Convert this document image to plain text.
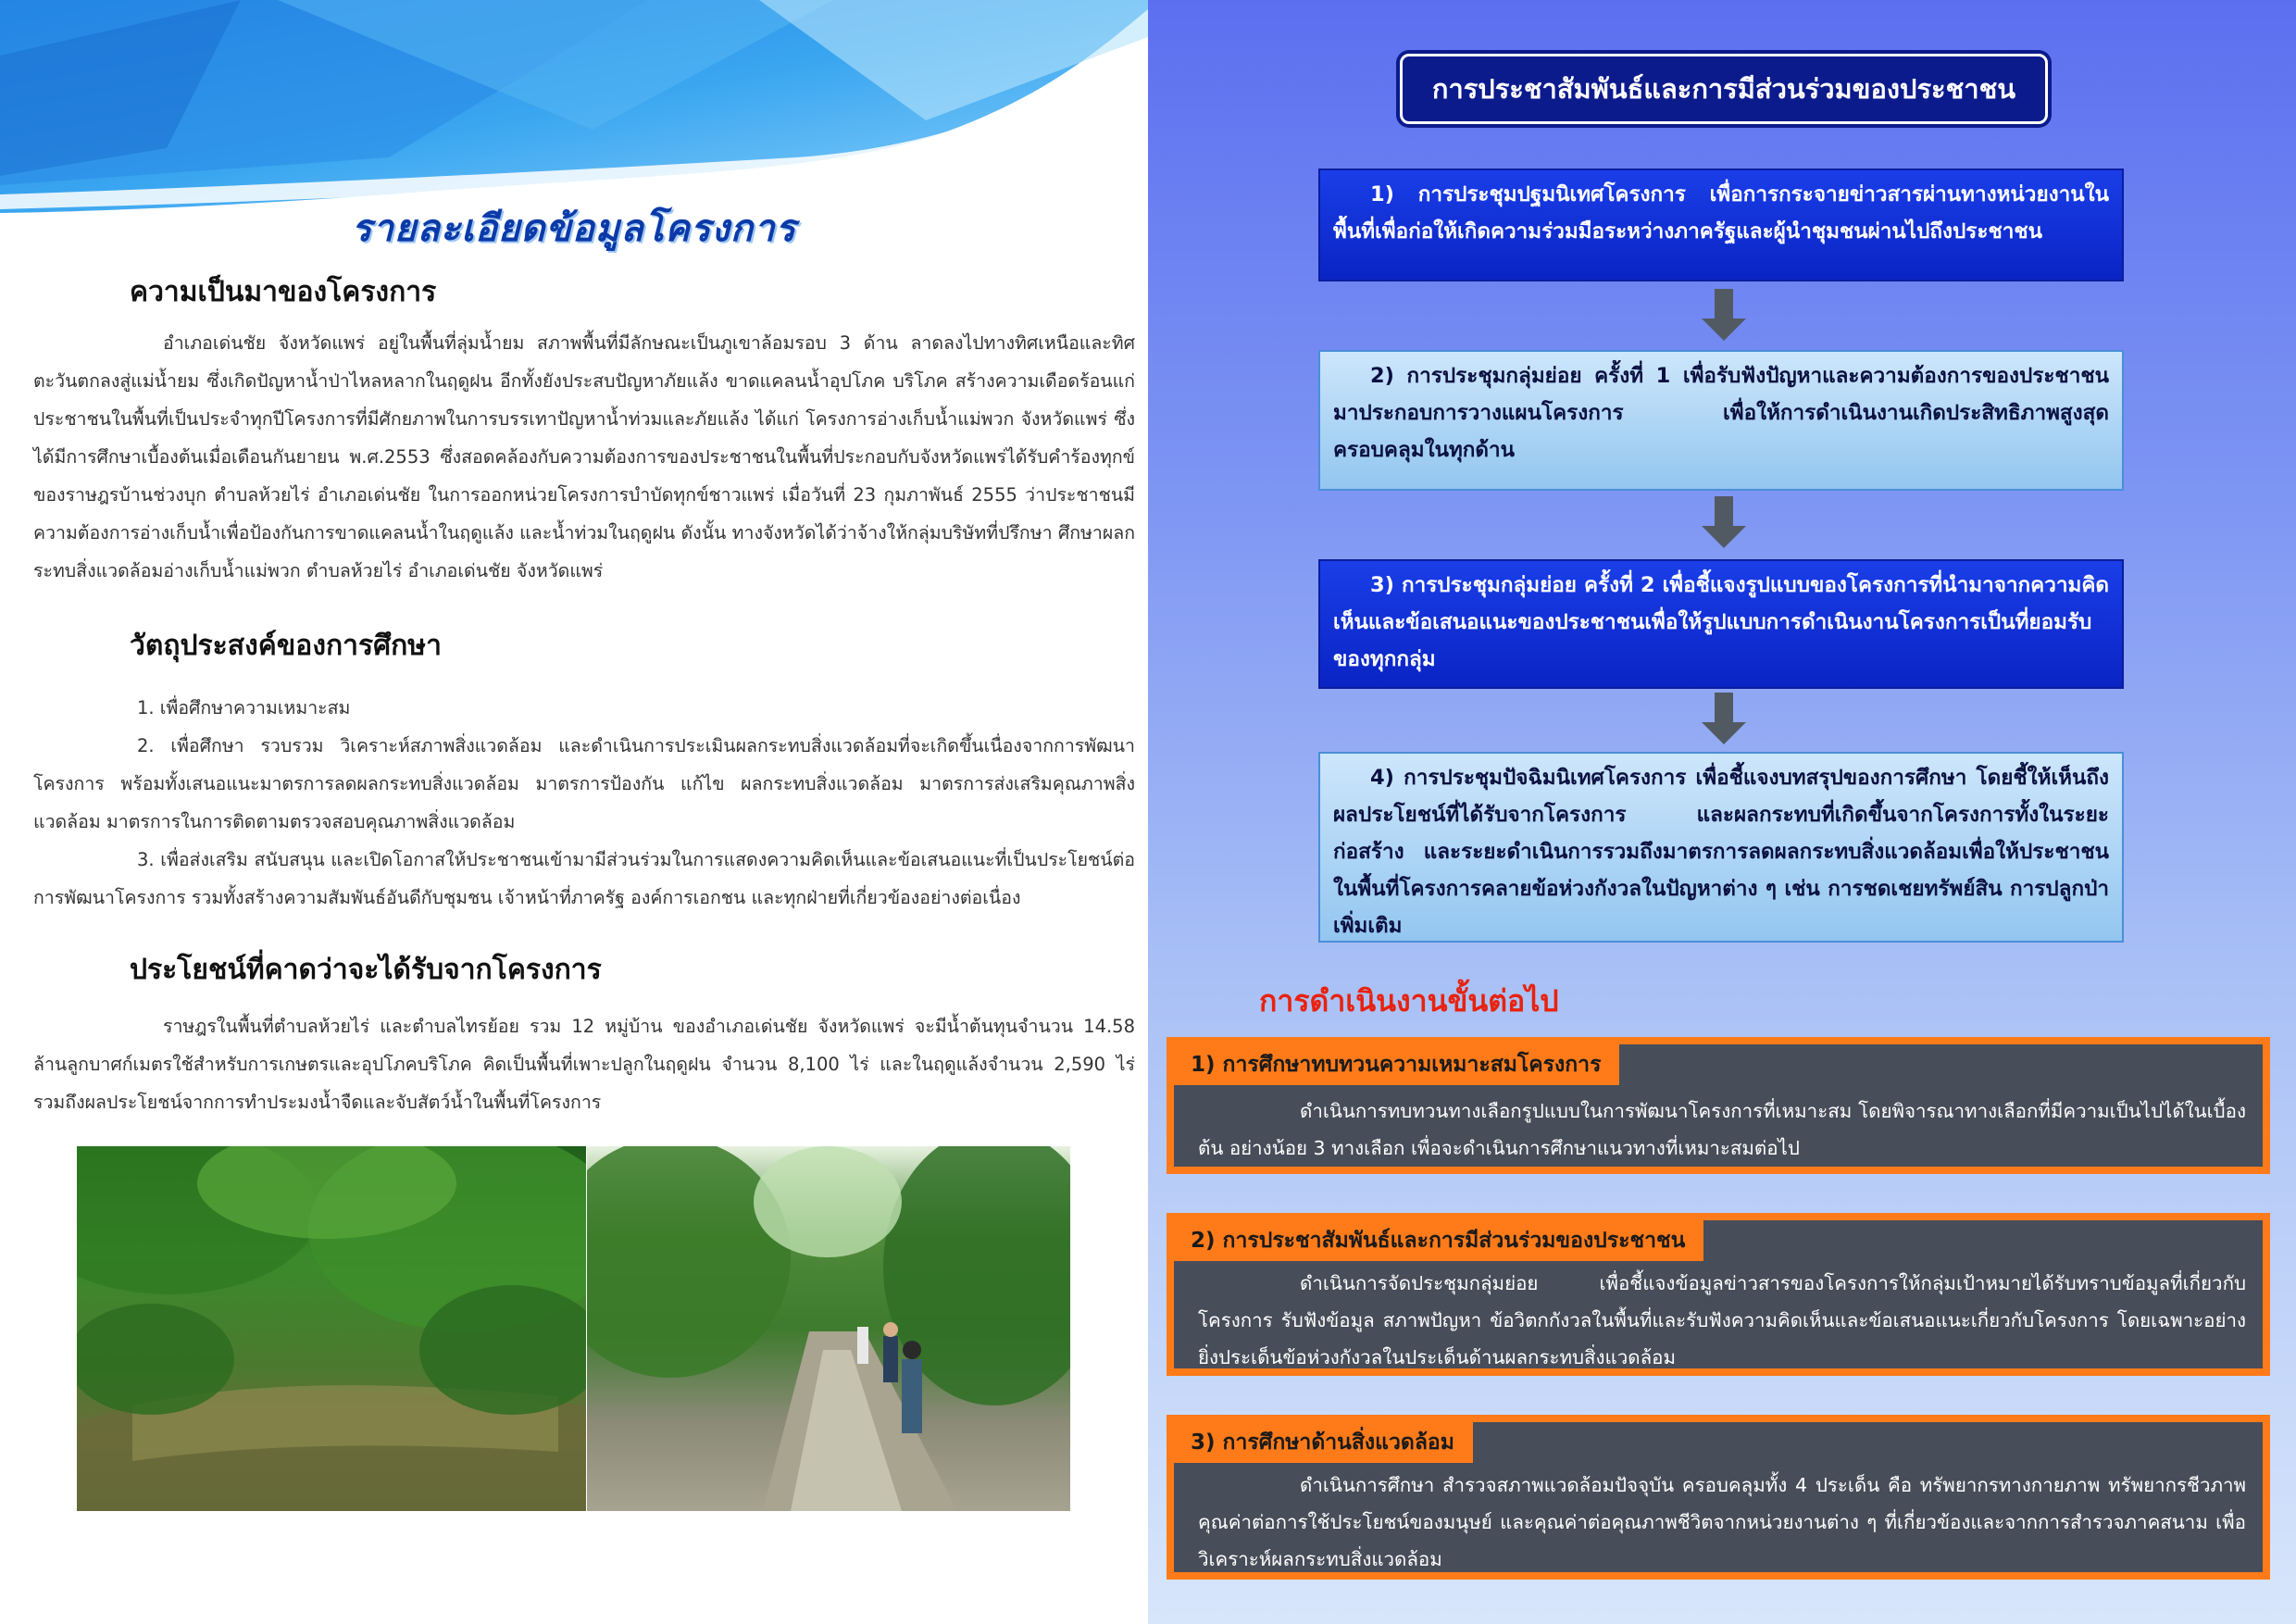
รายละเอียดข้อมูลโครงการ
ความเป็นมาของโครงการ

อำเภอเด่นชัย จังหวัดแพร่ อยู่ในพื้นที่ลุ่มน้ำยม สภาพพื้นที่มีลักษณะเป็นภูเขาล้อมรอบ 3 ด้าน ลาดลงไปทางทิศเหนือและทิศตะวันตกลงสู่แม่น้ำยม ซึ่งเกิดปัญหาน้ำป่าไหลหลากในฤดูฝน อีกทั้งยังประสบปัญหาภัยแล้ง ขาดแคลนน้ำอุปโภค บริโภค สร้างความเดือดร้อนแก่ประชาชนในพื้นที่เป็นประจำทุกปีโครงการที่มีศักยภาพในการบรรเทาปัญหาน้ำท่วมและภัยแล้ง ได้แก่ โครงการอ่างเก็บน้ำแม่พวก จังหวัดแพร่ ซึ่งได้มีการศึกษาเบื้องต้นเมื่อเดือนกันยายน พ.ศ.2553 ซึ่งสอดคล้องกับความต้องการของประชาชนในพื้นที่ประกอบกับจังหวัดแพร่ได้รับคำร้องทุกข์ของราษฎรบ้านช่วงบุก ตำบลห้วยไร่ อำเภอเด่นชัย ในการออกหน่วยโครงการบำบัดทุกข์ชาวแพร่ เมื่อวันที่ 23 กุมภาพันธ์ 2555 ว่าประชาชนมีความต้องการอ่างเก็บน้ำเพื่อป้องกันการขาดแคลนน้ำในฤดูแล้ง และน้ำท่วมในฤดูฝน ดังนั้น ทางจังหวัดได้ว่าจ้างให้กลุ่มบริษัทที่ปรึกษา ศึกษาผลกระทบสิ่งแวดล้อมอ่างเก็บน้ำแม่พวก ตำบลห้วยไร่ อำเภอเด่นชัย จังหวัดแพร่

วัตถุประสงค์ของการศึกษา

1. เพื่อศึกษาความเหมาะสม

2. เพื่อศึกษา รวบรวม วิเคราะห์สภาพสิ่งแวดล้อม และดำเนินการประเมินผลกระทบสิ่งแวดล้อมที่จะเกิดขึ้นเนื่องจากการพัฒนาโครงการ พร้อมทั้งเสนอแนะมาตรการลดผลกระทบสิ่งแวดล้อม มาตรการป้องกัน แก้ไข ผลกระทบสิ่งแวดล้อม มาตรการส่งเสริมคุณภาพสิ่งแวดล้อม มาตรการในการติดตามตรวจสอบคุณภาพสิ่งแวดล้อม

3. เพื่อส่งเสริม สนับสนุน และเปิดโอกาสให้ประชาชนเข้ามามีส่วนร่วมในการแสดงความคิดเห็นและข้อเสนอแนะที่เป็นประโยชน์ต่อการพัฒนาโครงการ รวมทั้งสร้างความสัมพันธ์อันดีกับชุมชน เจ้าหน้าที่ภาครัฐ องค์การเอกชน และทุกฝ่ายที่เกี่ยวข้องอย่างต่อเนื่อง

ประโยชน์ที่คาดว่าจะได้รับจากโครงการ

ราษฎรในพื้นที่ตำบลห้วยไร่ และตำบลไทรย้อย รวม 12 หมู่บ้าน ของอำเภอเด่นชัย จังหวัดแพร่ จะมีน้ำต้นทุนจำนวน 14.58 ล้านลูกบาศก์เมตรใช้สำหรับการเกษตรและอุปโภคบริโภค คิดเป็นพื้นที่เพาะปลูกในฤดูฝน จำนวน 8,100 ไร่ และในฤดูแล้งจำนวน 2,590 ไร่ รวมถึงผลประโยชน์จากการทำประมงน้ำจืดและจับสัตว์น้ำในพื้นที่โครงการ

การประชาสัมพันธ์และการมีส่วนร่วมของประชาชน
1) การประชุมปฐมนิเทศโครงการ เพื่อการกระจายข่าวสารผ่านทางหน่วยงานในพื้นที่เพื่อก่อให้เกิดความร่วมมือระหว่างภาครัฐและผู้นำชุมชนผ่านไปถึงประชาชน
2) การประชุมกลุ่มย่อย ครั้งที่ 1 เพื่อรับฟังปัญหาและความต้องการของประชาชนมาประกอบการวางแผนโครงการ เพื่อให้การดำเนินงานเกิดประสิทธิภาพสูงสุด ครอบคลุมในทุกด้าน
3) การประชุมกลุ่มย่อย ครั้งที่ 2 เพื่อชี้แจงรูปแบบของโครงการที่นำมาจากความคิดเห็นและข้อเสนอแนะของประชาชนเพื่อให้รูปแบบการดำเนินงานโครงการเป็นที่ยอมรับของทุกกลุ่ม
4) การประชุมปัจฉิมนิเทศโครงการ เพื่อชี้แจงบทสรุปของการศึกษา โดยชี้ให้เห็นถึงผลประโยชน์ที่ได้รับจากโครงการ และผลกระทบที่เกิดขึ้นจากโครงการทั้งในระยะก่อสร้าง และระยะดำเนินการรวมถึงมาตรการลดผลกระทบสิ่งแวดล้อมเพื่อให้ประชาชนในพื้นที่โครงการคลายข้อห่วงกังวลในปัญหาต่าง ๆ เช่น การชดเชยทรัพย์สิน การปลูกป่าเพิ่มเติม
การดำเนินงานขั้นต่อไป
1) การศึกษาทบทวนความเหมาะสมโครงการ
ดำเนินการทบทวนทางเลือกรูปแบบในการพัฒนาโครงการที่เหมาะสม โดยพิจารณาทางเลือกที่มีความเป็นไปได้ในเบื้องต้น อย่างน้อย 3 ทางเลือก เพื่อจะดำเนินการศึกษาแนวทางที่เหมาะสมต่อไป
2) การประชาสัมพันธ์และการมีส่วนร่วมของประชาชน
ดำเนินการจัดประชุมกลุ่มย่อย เพื่อชี้แจงข้อมูลข่าวสารของโครงการให้กลุ่มเป้าหมายได้รับทราบข้อมูลที่เกี่ยวกับโครงการ รับฟังข้อมูล สภาพปัญหา ข้อวิตกกังวลในพื้นที่และรับฟังความคิดเห็นและข้อเสนอแนะเกี่ยวกับโครงการ โดยเฉพาะอย่างยิ่งประเด็นข้อห่วงกังวลในประเด็นด้านผลกระทบสิ่งแวดล้อม
3) การศึกษาด้านสิ่งแวดล้อม
ดำเนินการศึกษา สำรวจสภาพแวดล้อมปัจจุบัน ครอบคลุมทั้ง 4 ประเด็น คือ ทรัพยากรทางกายภาพ ทรัพยากรชีวภาพ คุณค่าต่อการใช้ประโยชน์ของมนุษย์ และคุณค่าต่อคุณภาพชีวิตจากหน่วยงานต่าง ๆ ที่เกี่ยวข้องและจากการสำรวจภาคสนาม เพื่อวิเคราะห์ผลกระทบสิ่งแวดล้อม
